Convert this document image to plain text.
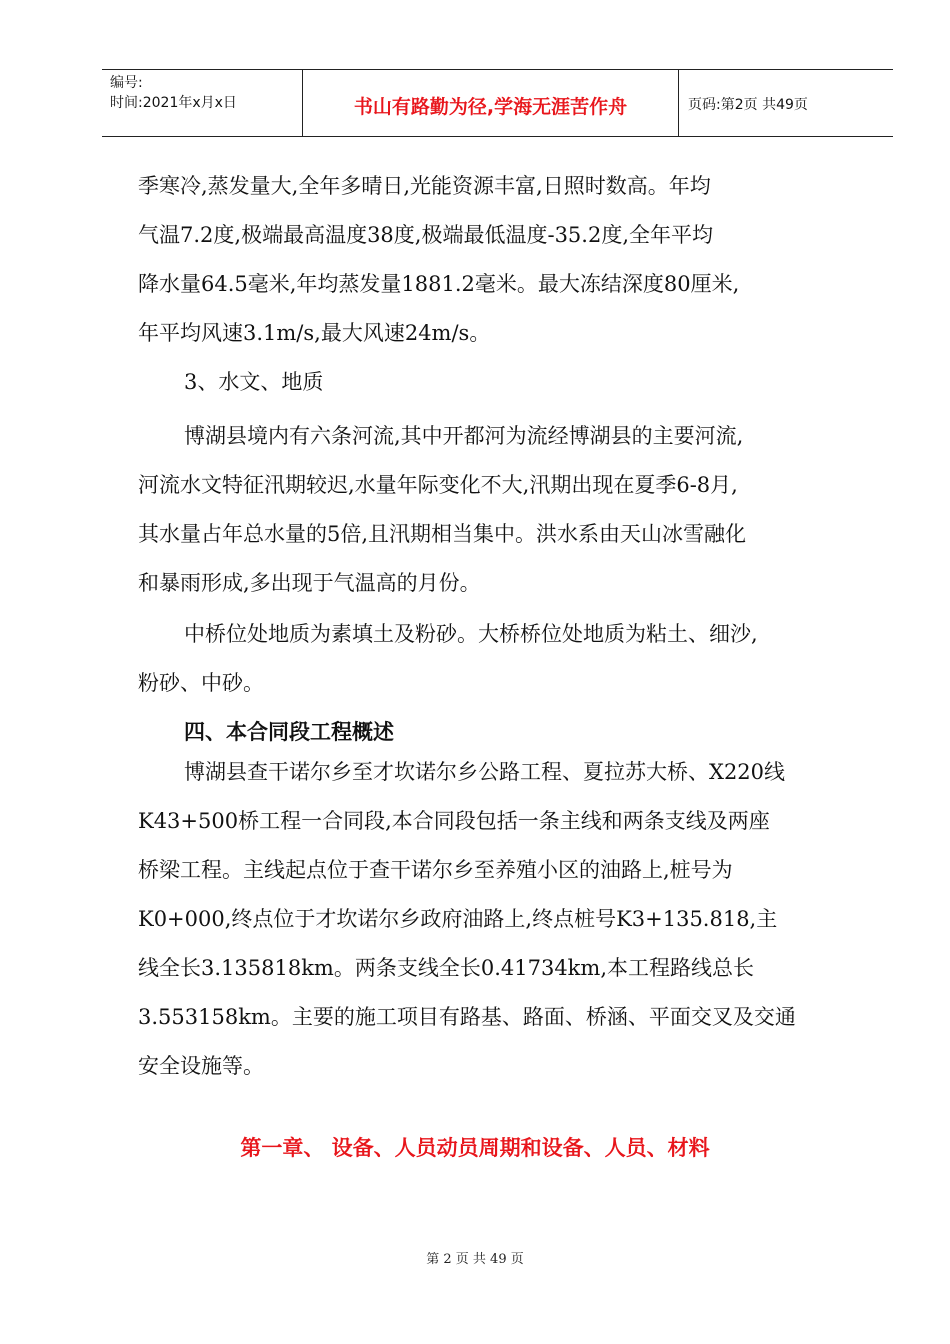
编号:
时间:2021年x月x日	书山有路勤为径,学海无涯苦作舟	页码:第2页 共49页
季寒冷,蒸发量大,全年多晴日,光能资源丰富,日照时数高。年均
气温7.2度,极端最高温度38度,极端最低温度-35.2度,全年平均
降水量64.5毫米,年均蒸发量1881.2毫米。最大冻结深度80厘米,
年平均风速3.1m/s,最大风速24m/s。
3、水文、地质
博湖县境内有六条河流,其中开都河为流经博湖县的主要河流,
河流水文特征汛期较迟,水量年际变化不大,汛期出现在夏季6-8月,
其水量占年总水量的5倍,且汛期相当集中。洪水系由天山冰雪融化
和暴雨形成,多出现于气温高的月份。
中桥位处地质为素填土及粉砂。大桥桥位处地质为粘土、细沙,
粉砂、中砂。
四、本合同段工程概述
博湖县查干诺尔乡至才坎诺尔乡公路工程、夏拉苏大桥、X220线
K43+500桥工程一合同段,本合同段包括一条主线和两条支线及两座
桥梁工程。主线起点位于查干诺尔乡至养殖小区的油路上,桩号为
K0+000,终点位于才坎诺尔乡政府油路上,终点桩号K3+135.818,主
线全长3.135818km。两条支线全长0.41734km,本工程路线总长
3.553158km。主要的施工项目有路基、路面、桥涵、平面交叉及交通
安全设施等。
第一章、 设备、人员动员周期和设备、人员、材料
第 2 页 共 49 页
